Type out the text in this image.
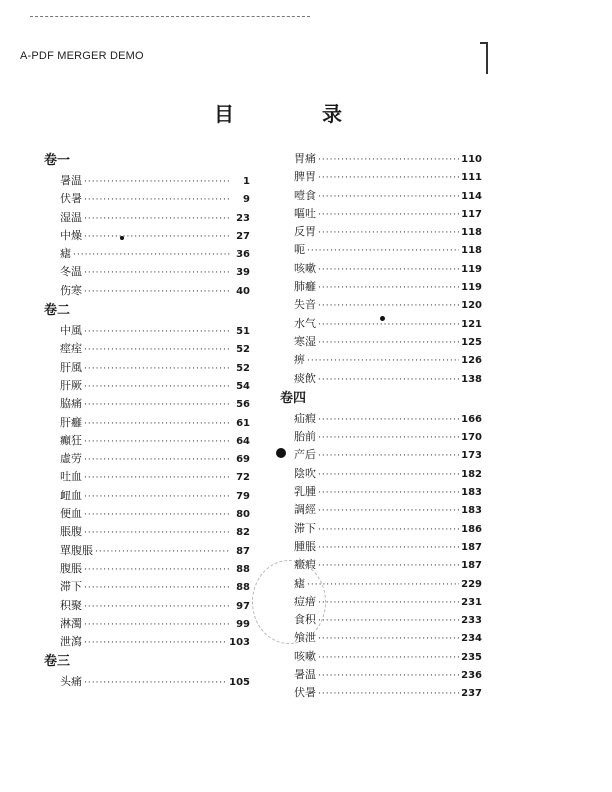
A-PDF MERGER DEMO
目	录
卷一
暑温 ·····	1
伏暑 ·····	9
湿温 ·····	23
中燥 ·····	27
瘧 ·····	36
冬温 ·····	39
伤寒 ·····	40
卷二
中風 ·····	51
痙痓 ·····	52
肝風 ·····	52
肝厥 ·····	54
脇痛 ·····	56
肝癰 ·····	61
癲狂 ·····	64
虛劳 ·····	69
吐血 ·····	72
衄血 ·····	79
便血 ·····	80
脹腹 ·····	82
單腹脹 ·····	87
腹脹 ·····	88
滞下 ·····	88
积聚 ·····	97
淋濁 ·····	99
泄瀉 ·····	103
卷三
头痛 ·····	105
胃痛 ·····	110
脾胃 ·····	111
噎食 ·····	114
嘔吐 ·····	117
反胃 ·····	118
呃 ·····	118
咳嗽 ·····	119
肺癰 ·····	119
失音 ·····	120
水气 ·····	121
寒湿 ·····	125
痹 ·····	126
痰飲 ·····	138
卷四
疝瘕 ·····	166
胎前 ·····	170
产后 ·····	173
陰吹 ·····	182
乳腫 ·····	183
調經 ·····	183
滞下 ·····	186
腫脹 ·····	187
癥瘕 ·····	187
瘧 ·····	229
痘瘄 ·····	231
食积 ·····	233
飧泄 ·····	234
咳嗽 ·····	235
暑温 ·····	236
伏暑 ·····	237
